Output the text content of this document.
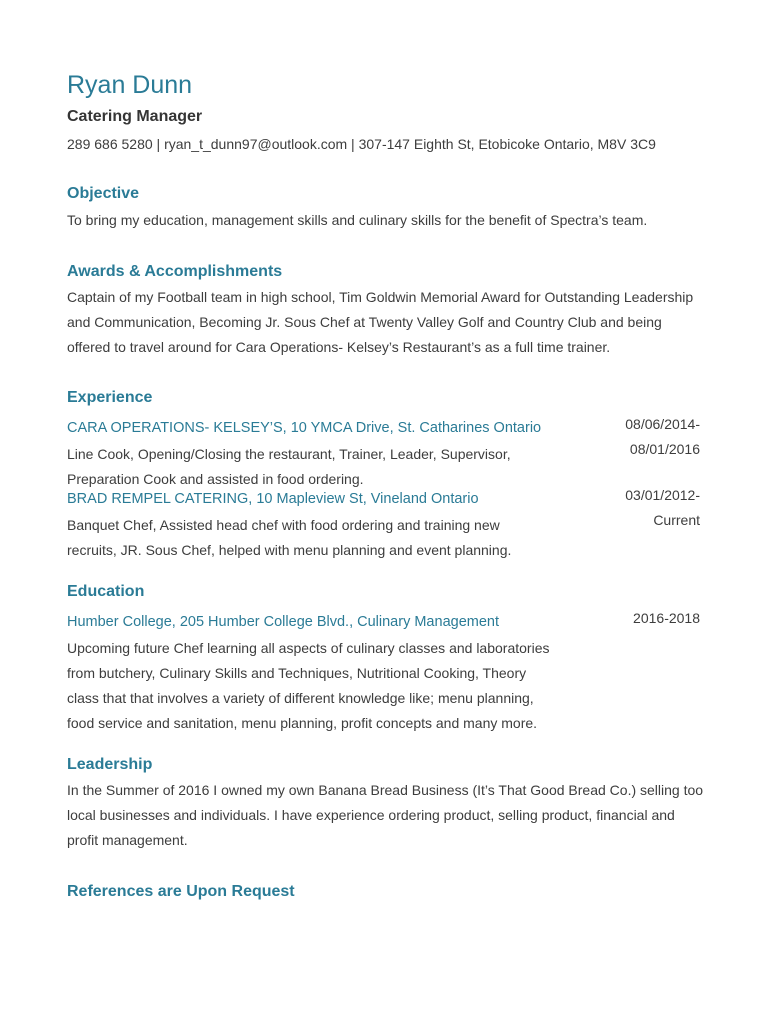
Ryan Dunn
Catering Manager
289 686 5280 | ryan_t_dunn97@outlook.com | 307-147 Eighth St, Etobicoke Ontario, M8V 3C9
Objective

To bring my education, management skills and culinary skills for the benefit of Spectra’s team.

Awards & Accomplishments

Captain of my Football team in high school, Tim Goldwin Memorial Award for Outstanding Leadership

and Communication, Becoming Jr. Sous Chef at Twenty Valley Golf and Country Club and being

offered to travel around for Cara Operations- Kelsey’s Restaurant’s as a full time trainer.

Experience
CARA OPERATIONS- KELSEY’S, 10 YMCA Drive, St. Catharines Ontario	08/06/2014-
08/01/2016

Line Cook, Opening/Closing the restaurant, Trainer, Leader, Supervisor,

Preparation Cook and assisted in food ordering.

BRAD REMPEL CATERING, 10 Mapleview St, Vineland Ontario	03/01/2012-
Current

Banquet Chef, Assisted head chef with food ordering and training new

recruits, JR. Sous Chef, helped with menu planning and event planning.

Education
Humber College, 205 Humber College Blvd., Culinary Management	2016-2018

Upcoming future Chef learning all aspects of culinary classes and laboratories

from butchery, Culinary Skills and Techniques, Nutritional Cooking, Theory

class that that involves a variety of different knowledge like; menu planning,

food service and sanitation, menu planning, profit concepts and many more.

Leadership

In the Summer of 2016 I owned my own Banana Bread Business (It’s That Good Bread Co.) selling too

local businesses and individuals. I have experience ordering product, selling product, financial and

profit management.

References are Upon Request
